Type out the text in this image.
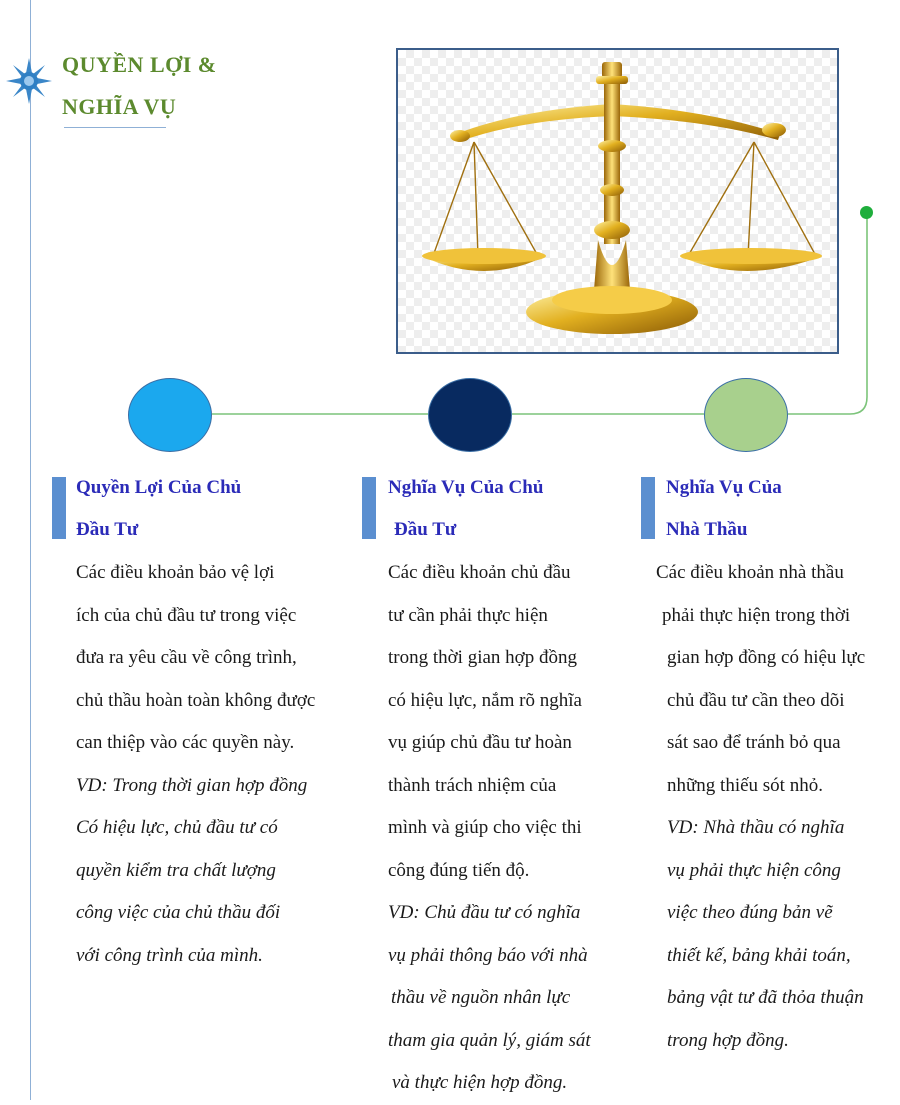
QUYỀN LỢI &
NGHĨA VỤ
Quyền Lợi Của Chủ
Đầu Tư
Các điều khoản bảo vệ lợi
ích của chủ đầu tư trong việc
đưa ra yêu cầu về công trình,
chủ thầu hoàn toàn không được
can thiệp vào các quyền này.
VD: Trong thời gian hợp đồng
Có hiệu lực, chủ đầu tư có
quyền kiểm tra chất lượng
công việc của chủ thầu đối
với công trình của mình.
Nghĩa Vụ Của Chủ
Đầu Tư
Các điều khoản chủ đầu
tư cần phải thực hiện
trong thời gian hợp đồng
có hiệu lực, nắm rõ nghĩa
vụ giúp chủ đầu tư hoàn
thành trách nhiệm của
mình và giúp cho việc thi
công đúng tiến độ.
VD: Chủ đầu tư có nghĩa
vụ phải thông báo với nhà
thầu về nguồn nhân lực
tham gia quản lý, giám sát
và thực hiện hợp đồng.
Nghĩa Vụ Của
Nhà Thầu
Các điều khoản nhà thầu
phải thực hiện trong thời
gian hợp đồng có hiệu lực
chủ đầu tư cần theo dõi
sát sao để tránh bỏ qua
những thiếu sót nhỏ.
VD: Nhà thầu có nghĩa
vụ phải thực hiện công
việc theo đúng bản vẽ
thiết kế, bảng khải toán,
bảng vật tư đã thỏa thuận
trong hợp đồng.
